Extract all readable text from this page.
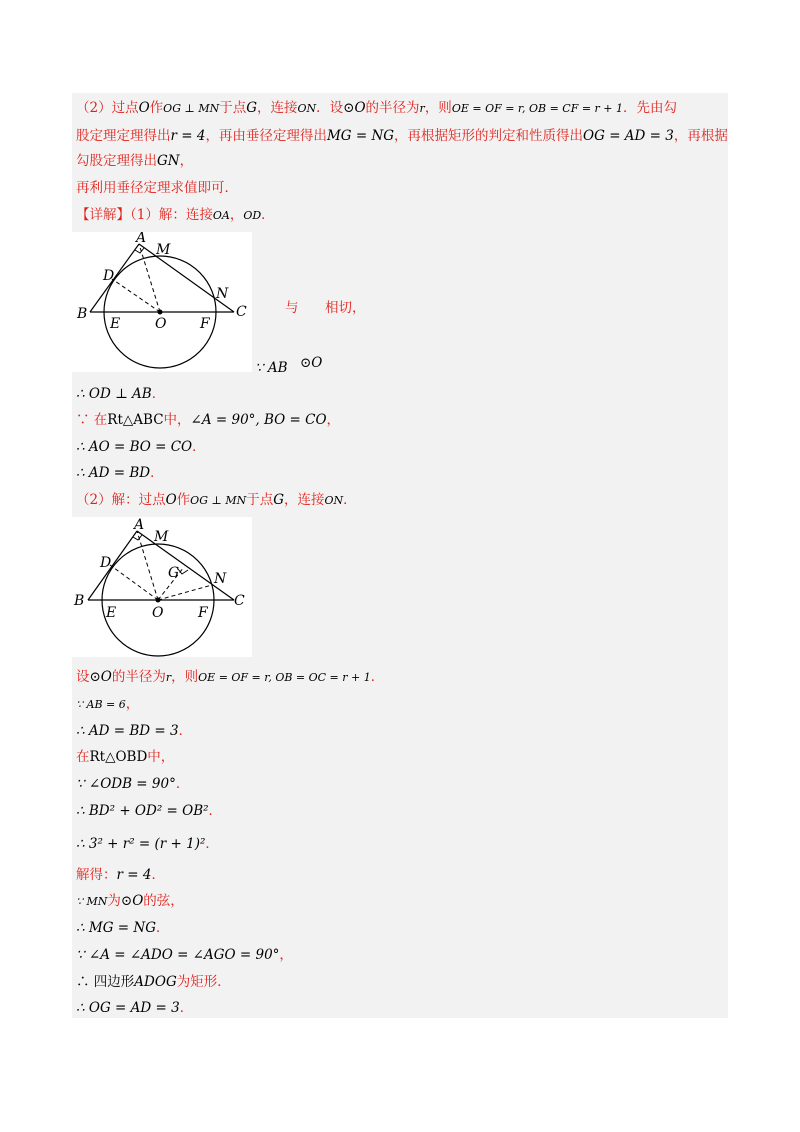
（2）过点O作OG ⊥ MN于点G，连接ON．设⊙O的半径为r，则OE = OF = r, OB = CF = r + 1．先由勾
股定理定理得出r = 4，再由垂径定理得出MG = NG，再根据矩形的判定和性质得出OG = AD = 3，再根据
勾股定理得出GN，
再利用垂径定理求值即可．
【详解】（1）解：连接OA，OD．
A
M
D
N
B
E O F
C	与 相切，
∵ AB ⊙O
∴ OD ⊥ AB．
∵ 在Rt△ABC中，∠A = 90°, BO = CO，
∴ AO = BO = CO．
∴ AD = BD．
（2）解：过点O作OG ⊥ MN于点G，连接ON．
A
M
D
G N
B
E	O F
C
设⊙O的半径为r，则OE = OF = r, OB = OC = r + 1．
∵ AB = 6，
∴ AD = BD = 3．
在Rt△OBD中，
∵ ∠ODB = 90°．
∴ BD² + OD² = OB²．
∴ 3² + r² = (r + 1)²．
解得：r = 4．
∵ MN为⊙O的弦，
∴ MG = NG．
∵ ∠A = ∠ADO = ∠AGO = 90°，
∴ 四边形ADOG为矩形．
∴ OG = AD = 3．
